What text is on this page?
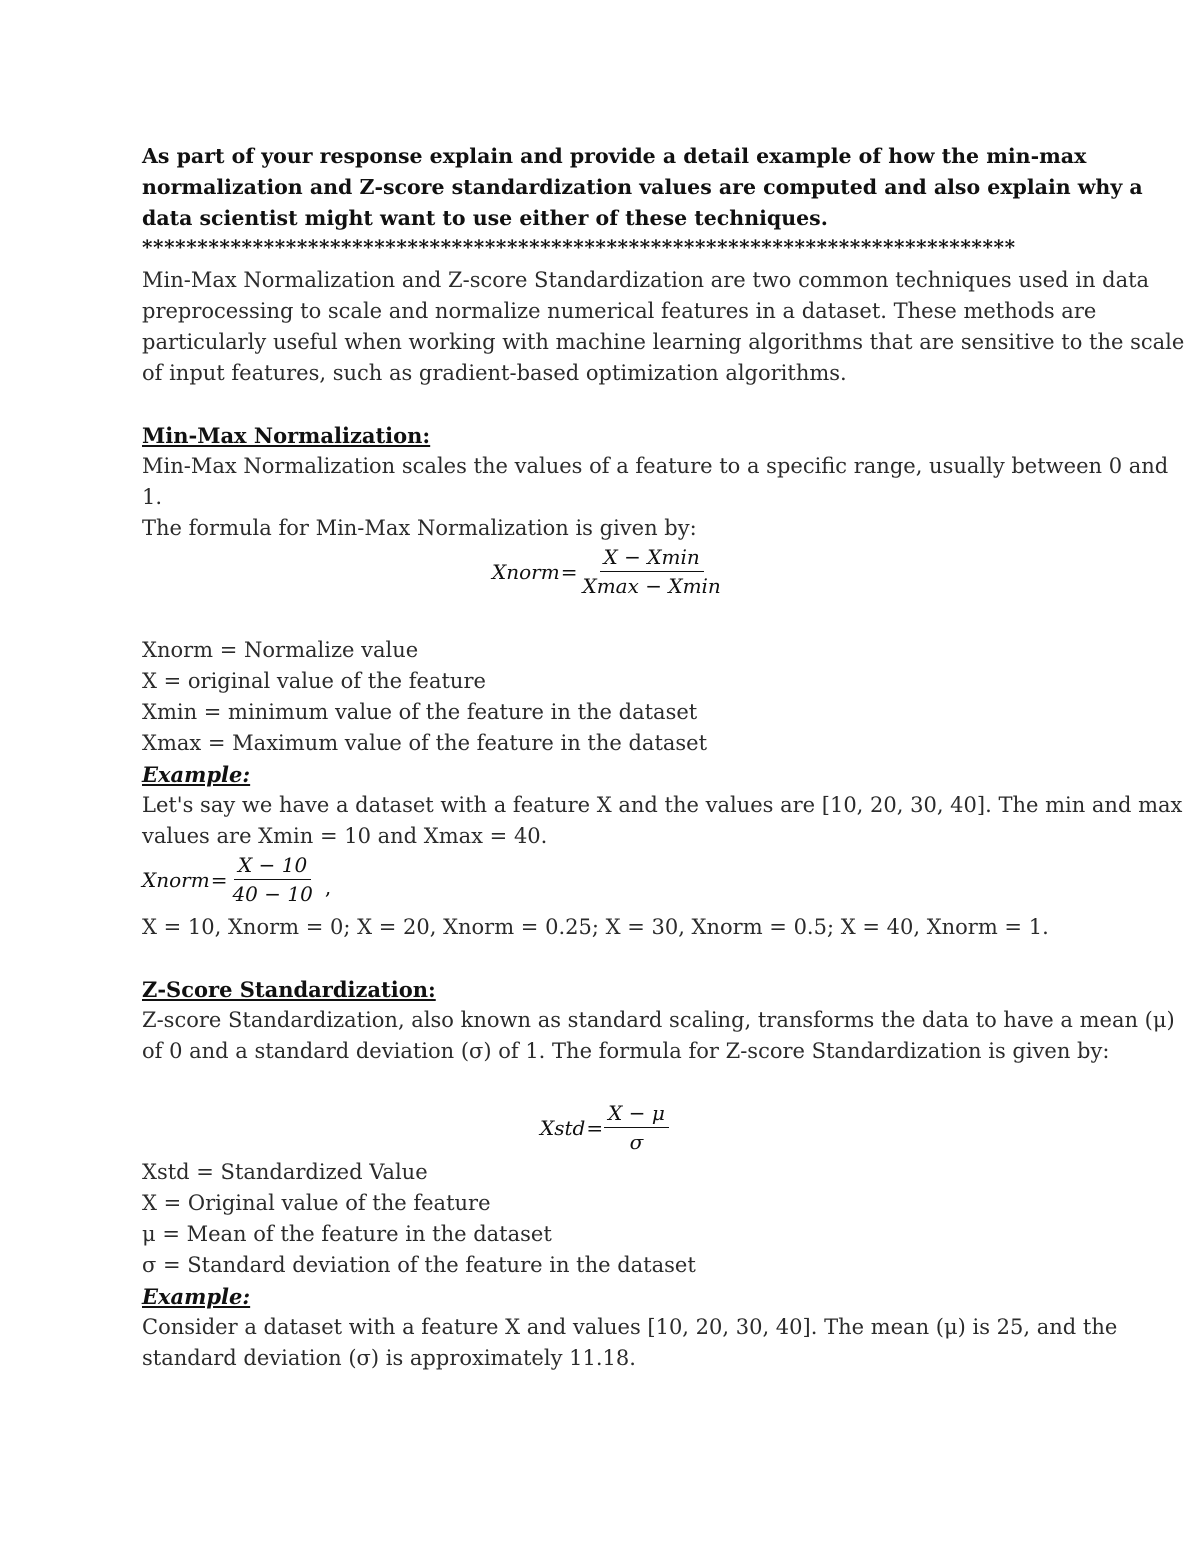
As part of your response explain and provide a detail example of how the min-max
normalization and Z-score standardization values are computed and also explain why a
data scientist might want to use either of these techniques.
*******************************************************************************
Min-Max Normalization and Z-score Standardization are two common techniques used in data
preprocessing to scale and normalize numerical features in a dataset. These methods are
particularly useful when working with machine learning algorithms that are sensitive to the scale
of input features, such as gradient-based optimization algorithms.
Min-Max Normalization:
Min-Max Normalization scales the values of a feature to a specific range, usually between 0 and
1.
The formula for Min-Max Normalization is given by:
Xnorm = $\frac{X - Xmin}{Xmax - Xmin}$
Xnorm = Normalize value
X = original value of the feature
Xmin = minimum value of the feature in the dataset
Xmax = Maximum value of the feature in the dataset
Example:
Let's say we have a dataset with a feature X and the values are [10, 20, 30, 40]. The min and max
values are Xmin = 10 and Xmax = 40.
Xnorm = $\frac{X - 10}{40 - 10}$ ,
X = 10, Xnorm = 0; X = 20, Xnorm = 0.25; X = 30, Xnorm = 0.5; X = 40, Xnorm = 1.
Z-Score Standardization:
Z-score Standardization, also known as standard scaling, transforms the data to have a mean (μ)
of 0 and a standard deviation (σ) of 1. The formula for Z-score Standardization is given by:
Xstd = $\frac{X - \mu}{\sigma}$
Xstd = Standardized Value
X = Original value of the feature
μ = Mean of the feature in the dataset
σ = Standard deviation of the feature in the dataset
Example:
Consider a dataset with a feature X and values [10, 20, 30, 40]. The mean (μ) is 25, and the
standard deviation (σ) is approximately 11.18.
